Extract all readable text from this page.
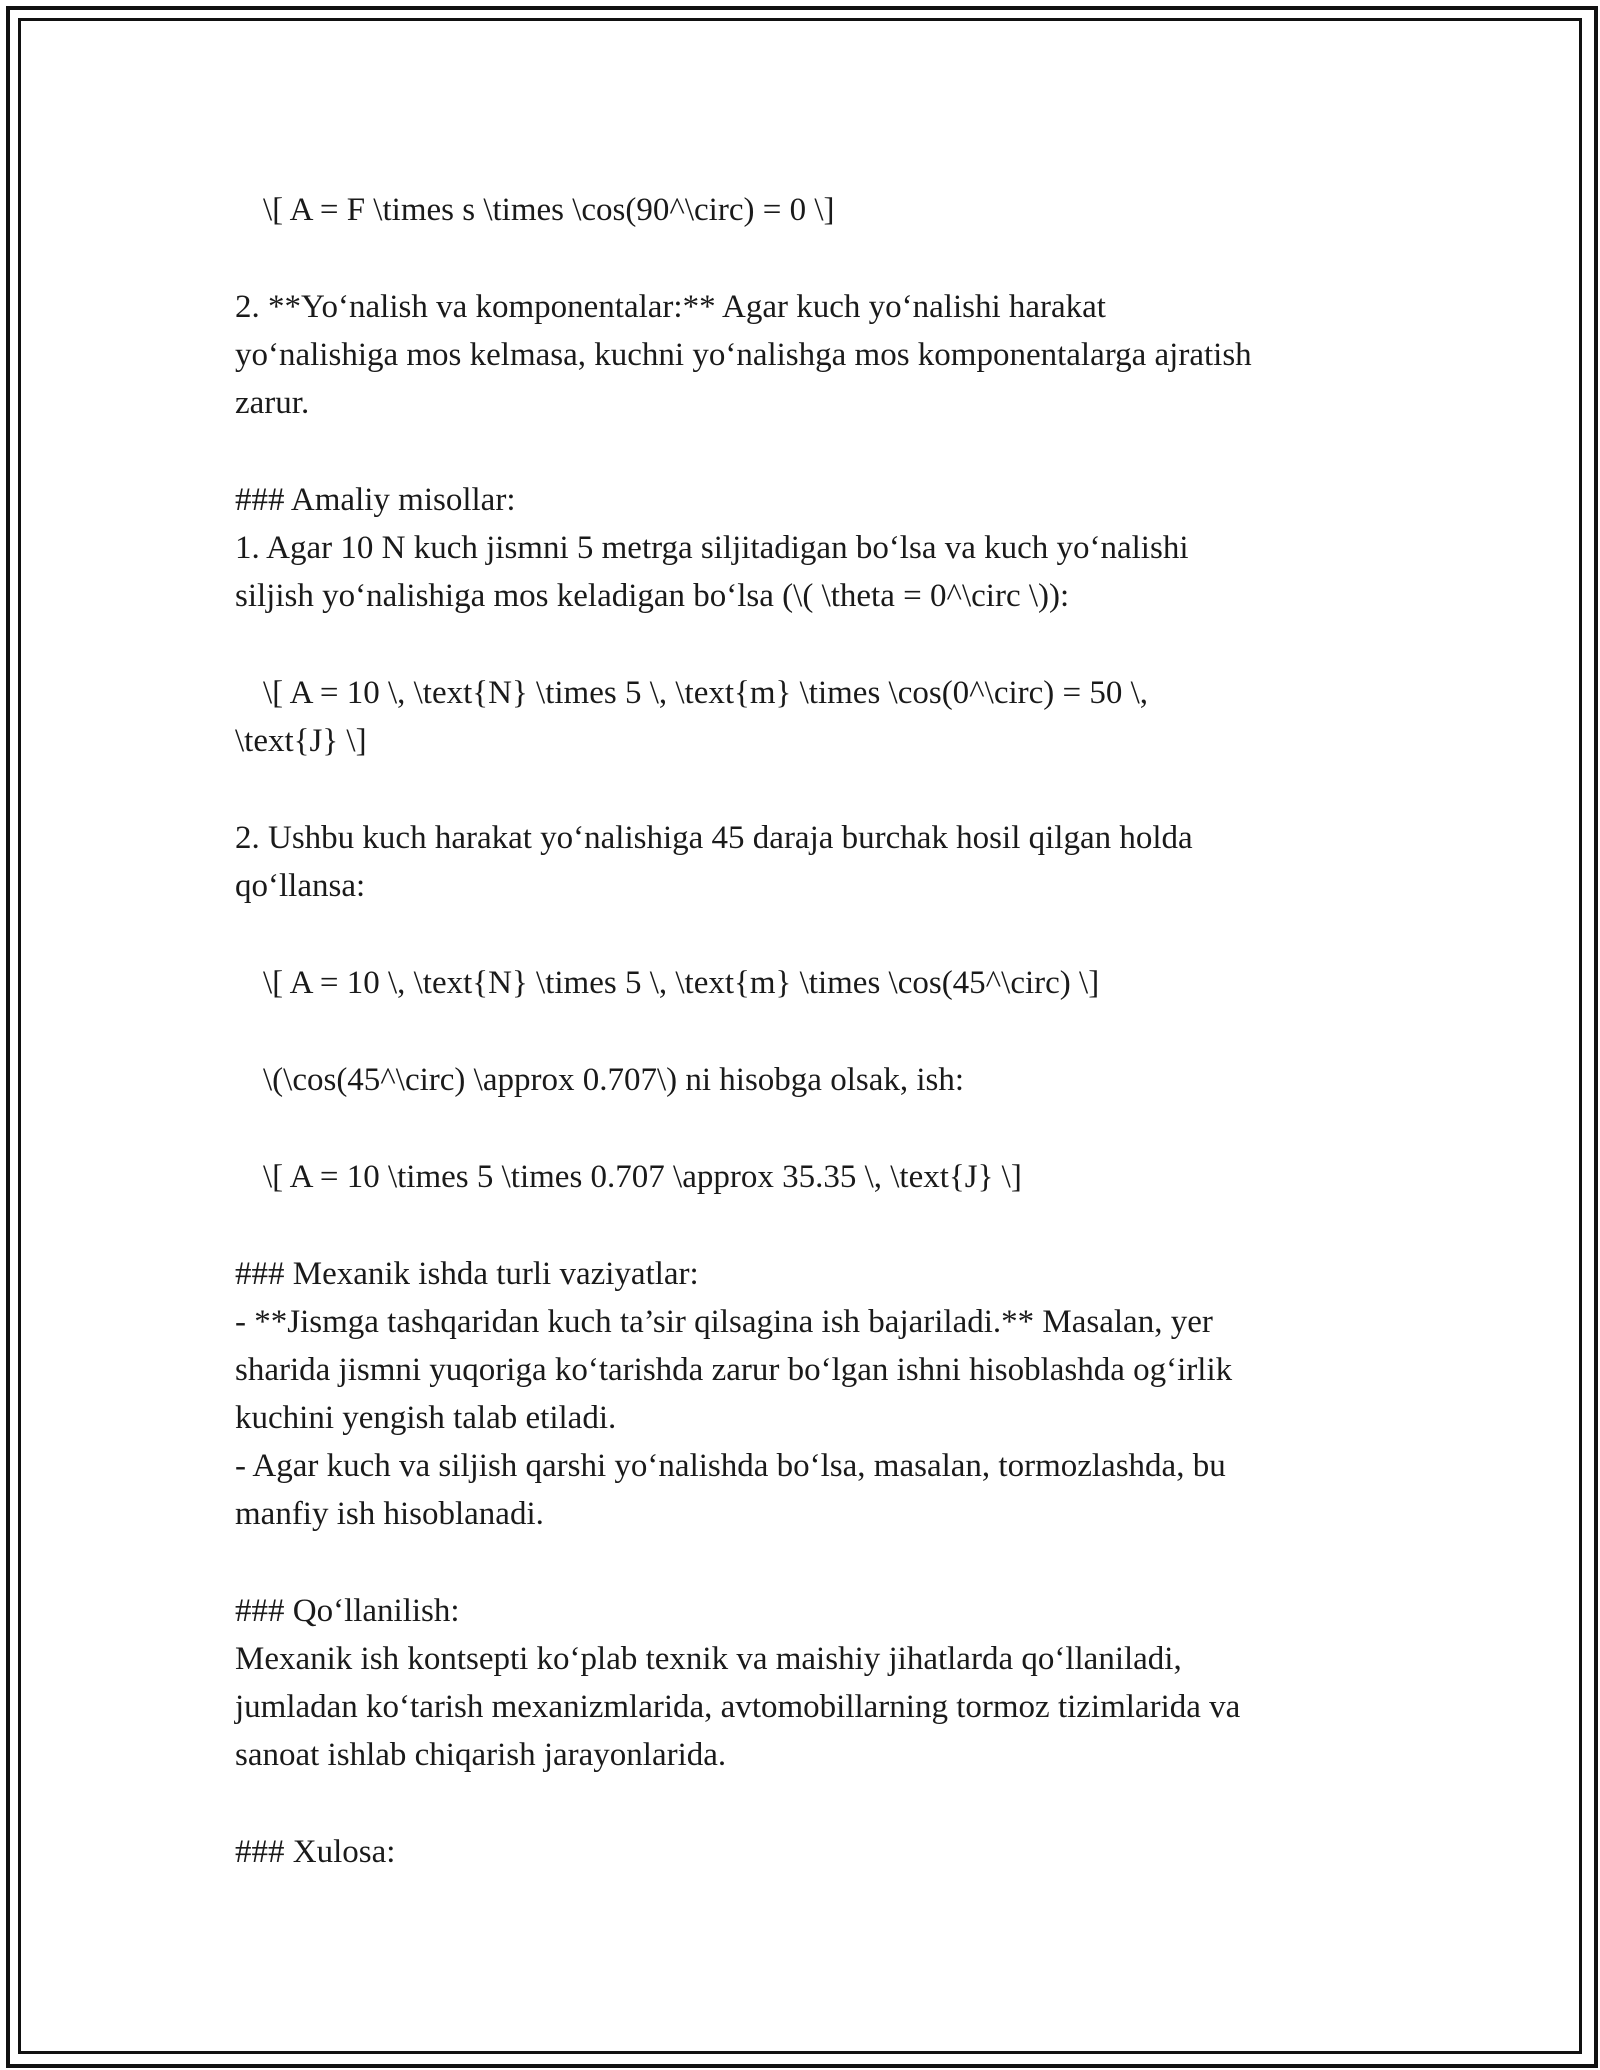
\[ A = F \times s \times \cos(90^\circ) = 0 \]
2. **Yo‘nalish va komponentalar:** Agar kuch yo‘nalishi harakat
yo‘nalishiga mos kelmasa, kuchni yo‘nalishga mos komponentalarga ajratish
zarur.
### Amaliy misollar:
1. Agar 10 N kuch jismni 5 metrga siljitadigan bo‘lsa va kuch yo‘nalishi
siljish yo‘nalishiga mos keladigan bo‘lsa (\( \theta = 0^\circ \)):
\[ A = 10 \, \text{N} \times 5 \, \text{m} \times \cos(0^\circ) = 50 \,
\text{J} \]
2. Ushbu kuch harakat yo‘nalishiga 45 daraja burchak hosil qilgan holda
qo‘llansa:
\[ A = 10 \, \text{N} \times 5 \, \text{m} \times \cos(45^\circ) \]
\(\cos(45^\circ) \approx 0.707\) ni hisobga olsak, ish:
\[ A = 10 \times 5 \times 0.707 \approx 35.35 \, \text{J} \]
### Mexanik ishda turli vaziyatlar:
- **Jismga tashqaridan kuch ta’sir qilsagina ish bajariladi.** Masalan, yer
sharida jismni yuqoriga ko‘tarishda zarur bo‘lgan ishni hisoblashda og‘irlik
kuchini yengish talab etiladi.
- Agar kuch va siljish qarshi yo‘nalishda bo‘lsa, masalan, tormozlashda, bu
manfiy ish hisoblanadi.
### Qo‘llanilish:
Mexanik ish kontsepti ko‘plab texnik va maishiy jihatlarda qo‘llaniladi,
jumladan ko‘tarish mexanizmlarida, avtomobillarning tormoz tizimlarida va
sanoat ishlab chiqarish jarayonlarida.
### Xulosa:
